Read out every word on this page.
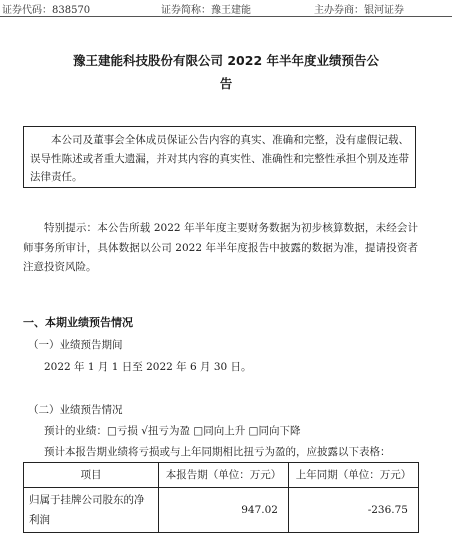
证券代码：838570	证券简称：豫王建能	主办券商：银河证券
豫王建能科技股份有限公司 2022 年半年度业绩预告公
告
本公司及董事会全体成员保证公告内容的真实、准确和完整，没有虚假记载、误导性陈述或者重大遗漏，并对其内容的真实性、准确性和完整性承担个别及连带法律责任。
特别提示：本公告所载 2022 年半年度主要财务数据为初步核算数据，未经会计师事务所审计，具体数据以公司 2022 年半年度报告中披露的数据为准，提请投资者注意投资风险。
一、本期业绩预告情况
（一）业绩预告期间
2022 年 1 月 1 日至 2022 年 6 月 30 日。
（二）业绩预告情况
预计的业绩：□亏损 √扭亏为盈 □同向上升 □同向下降
预计本报告期业绩将亏损或与上年同期相比扭亏为盈的，应披露以下表格：
项目	本报告期（单位：万元）	上年同期（单位：万元）
归属于挂牌公司股东的净利润	947.02	-236.75
